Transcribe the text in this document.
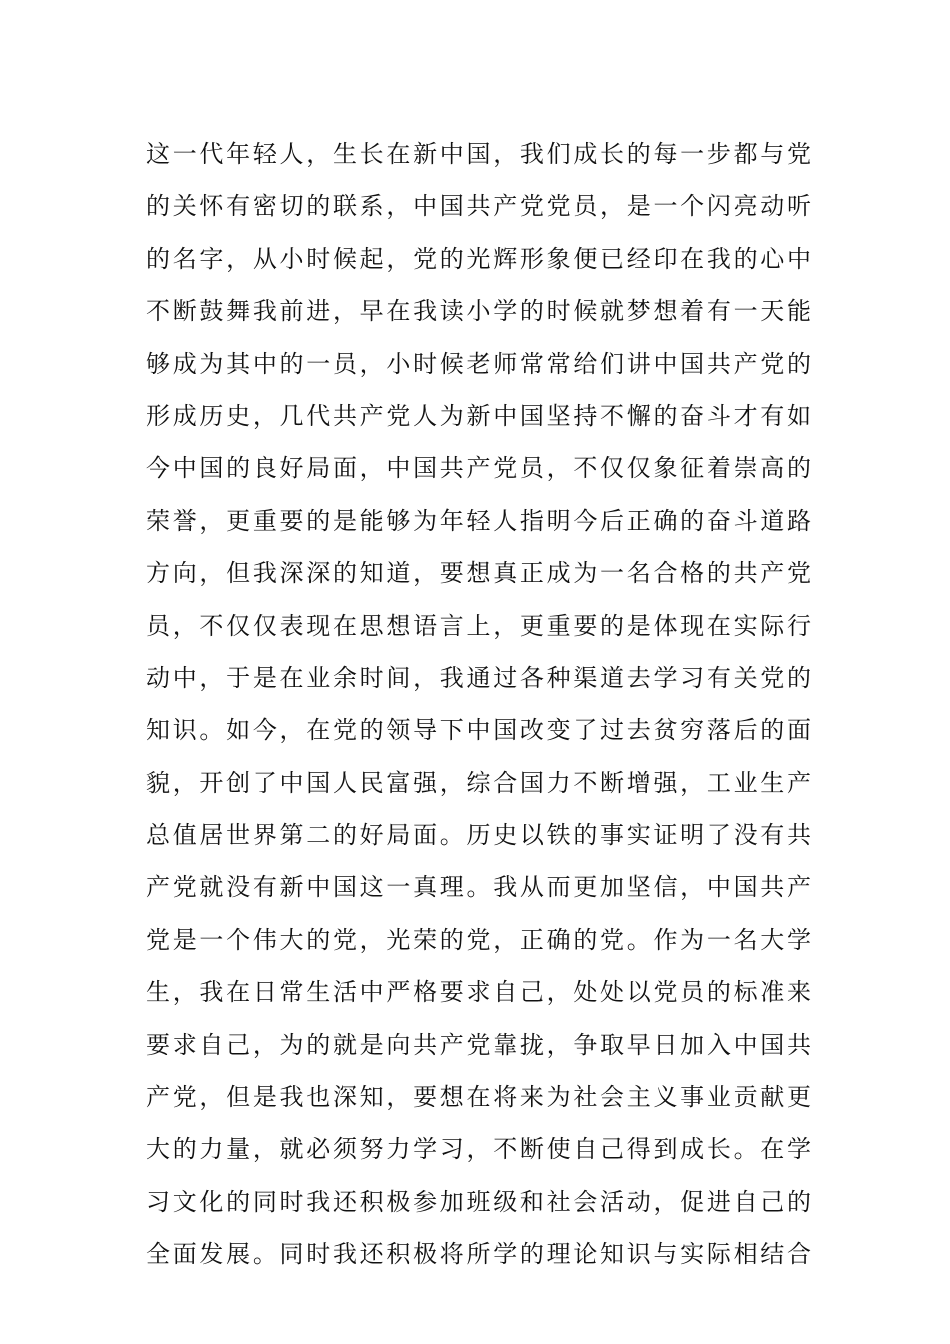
这一代年轻人，生长在新中国，我们成长的每一步都与党
的关怀有密切的联系，中国共产党党员，是一个闪亮动听
的名字，从小时候起，党的光辉形象便已经印在我的心中
不断鼓舞我前进，早在我读小学的时候就梦想着有一天能
够成为其中的一员，小时候老师常常给们讲中国共产党的
形成历史，几代共产党人为新中国坚持不懈的奋斗才有如
今中国的良好局面，中国共产党员，不仅仅象征着崇高的
荣誉，更重要的是能够为年轻人指明今后正确的奋斗道路
方向，但我深深的知道，要想真正成为一名合格的共产党
员，不仅仅表现在思想语言上，更重要的是体现在实际行
动中，于是在业余时间，我通过各种渠道去学习有关党的
知识。如今，在党的领导下中国改变了过去贫穷落后的面
貌，开创了中国人民富强，综合国力不断增强，工业生产
总值居世界第二的好局面。历史以铁的事实证明了没有共
产党就没有新中国这一真理。我从而更加坚信，中国共产
党是一个伟大的党，光荣的党，正确的党。作为一名大学
生，我在日常生活中严格要求自己，处处以党员的标准来
要求自己，为的就是向共产党靠拢，争取早日加入中国共
产党，但是我也深知，要想在将来为社会主义事业贡献更
大的力量，就必须努力学习，不断使自己得到成长。在学
习文化的同时我还积极参加班级和社会活动，促进自己的
全面发展。同时我还积极将所学的理论知识与实际相结合
